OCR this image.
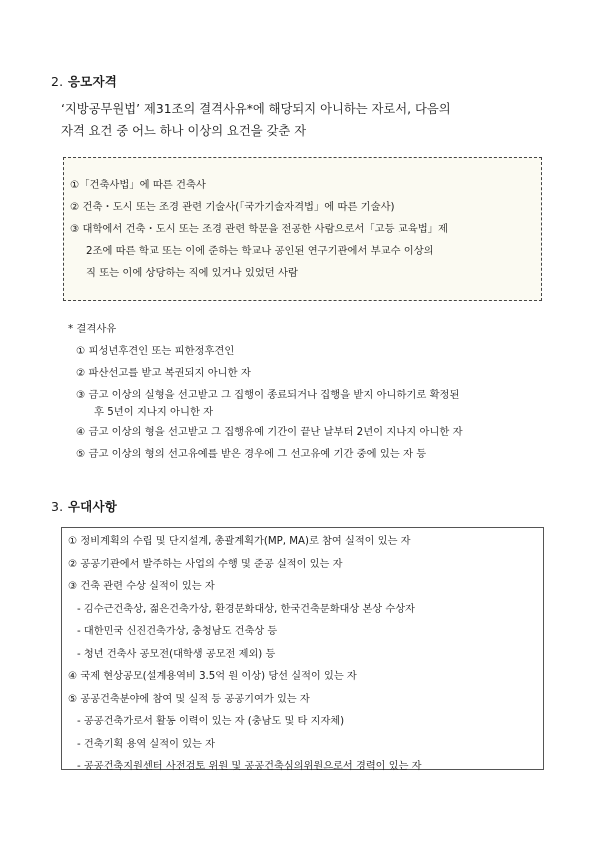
2. 응모자격
‘지방공무원법’ 제31조의 결격사유*에 해당되지 아니하는 자로서, 다음의
자격 요건 중 어느 하나 이상의 요건을 갖춘 자
①「건축사법」에 따른 건축사
② 건축・도시 또는 조경 관련 기술사(「국가기술자격법」에 따른 기술사)
③ 대학에서 건축・도시 또는 조경 관련 학문을 전공한 사람으로서「고등 교육법」제
2조에 따른 학교 또는 이에 준하는 학교나 공인된 연구기관에서 부교수 이상의
직 또는 이에 상당하는 직에 있거나 있었던 사람
* 결격사유
① 피성년후견인 또는 피한정후견인
② 파산선고를 받고 복권되지 아니한 자
③ 금고 이상의 실형을 선고받고 그 집행이 종료되거나 집행을 받지 아니하기로 확정된
후 5년이 지나지 아니한 자
④ 금고 이상의 형을 선고받고 그 집행유예 기간이 끝난 날부터 2년이 지나지 아니한 자
⑤ 금고 이상의 형의 선고유예를 받은 경우에 그 선고유예 기간 중에 있는 자 등
3. 우대사항
① 정비계획의 수립 및 단지설계, 총괄계획가(MP, MA)로 참여 실적이 있는 자
② 공공기관에서 발주하는 사업의 수행 및 준공 실적이 있는 자
③ 건축 관련 수상 실적이 있는 자
- 김수근건축상, 젊은건축가상, 환경문화대상, 한국건축문화대상 본상 수상자
- 대한민국 신진건축가상, 충청남도 건축상 등
- 청년 건축사 공모전(대학생 공모전 제외) 등
④ 국제 현상공모(설계용역비 3.5억 원 이상) 당선 실적이 있는 자
⑤ 공공건축분야에 참여 및 실적 등 공공기여가 있는 자
- 공공건축가로서 활동 이력이 있는 자 (충남도 및 타 지자체)
- 건축기획 용역 실적이 있는 자
- 공공건축지원센터 사전검토 위원 및 공공건축심의위원으로서 경력이 있는 자
